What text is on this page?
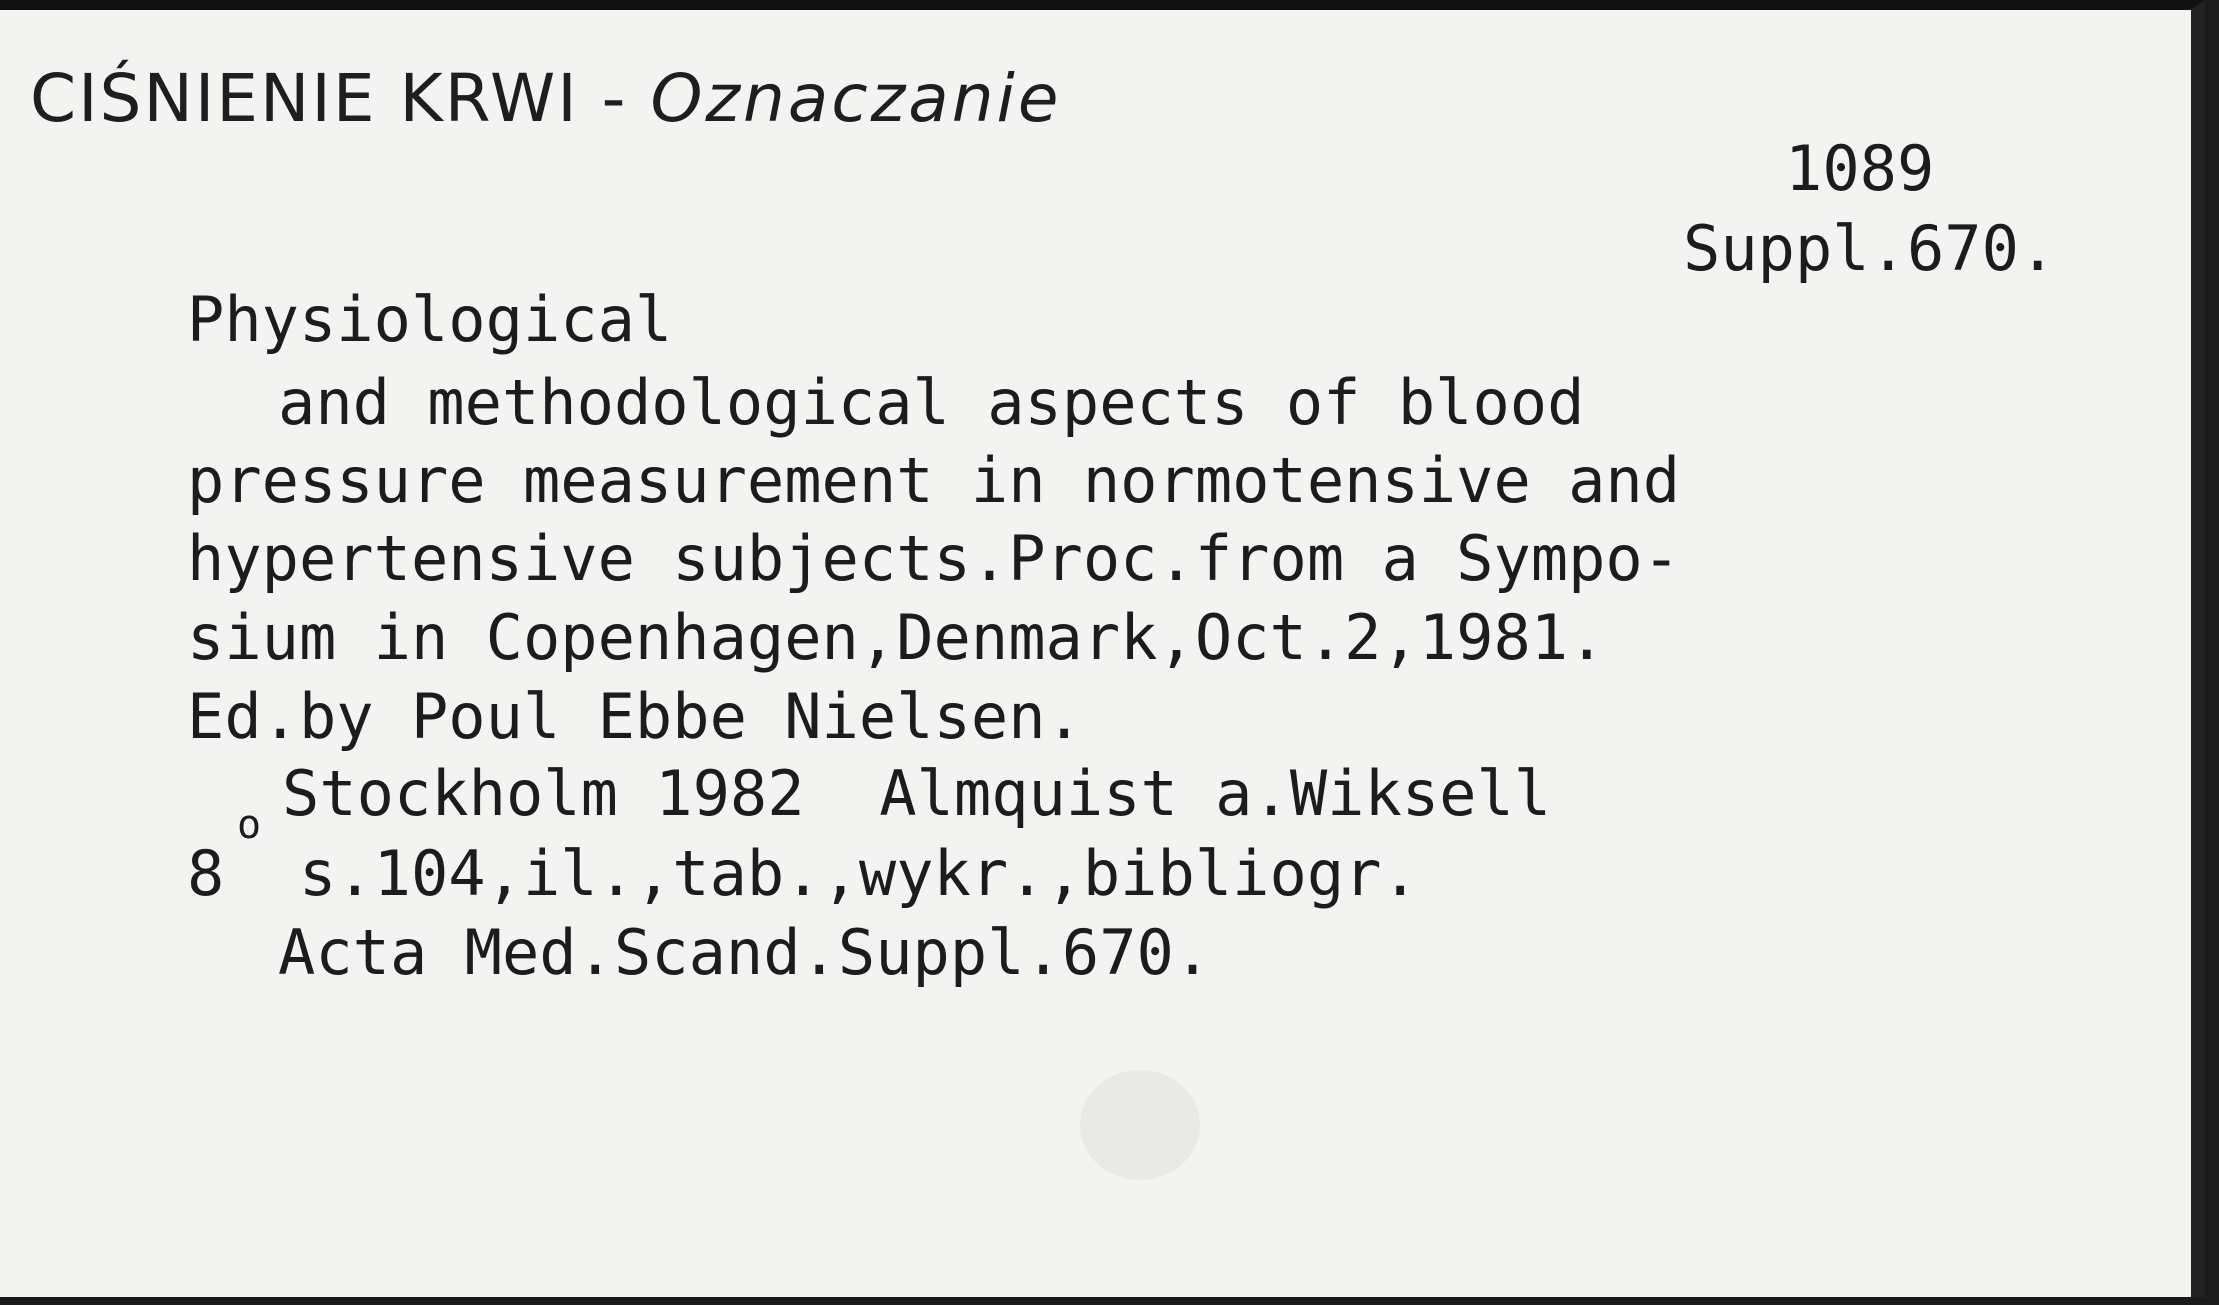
CIŚNIENIE KRWI - Oznaczanie
1089
Suppl.670.
Physiological
and methodological aspects of blood
pressure measurement in normotensive and
hypertensive subjects.Proc.from a Sympo-
sium in Copenhagen,Denmark,Oct.2,1981.
Ed.by Poul Ebbe Nielsen.
Stockholm 1982  Almquist a.Wiksell
o
8  s.104,il.,tab.,wykr.,bibliogr.
Acta Med.Scand.Suppl.670.
